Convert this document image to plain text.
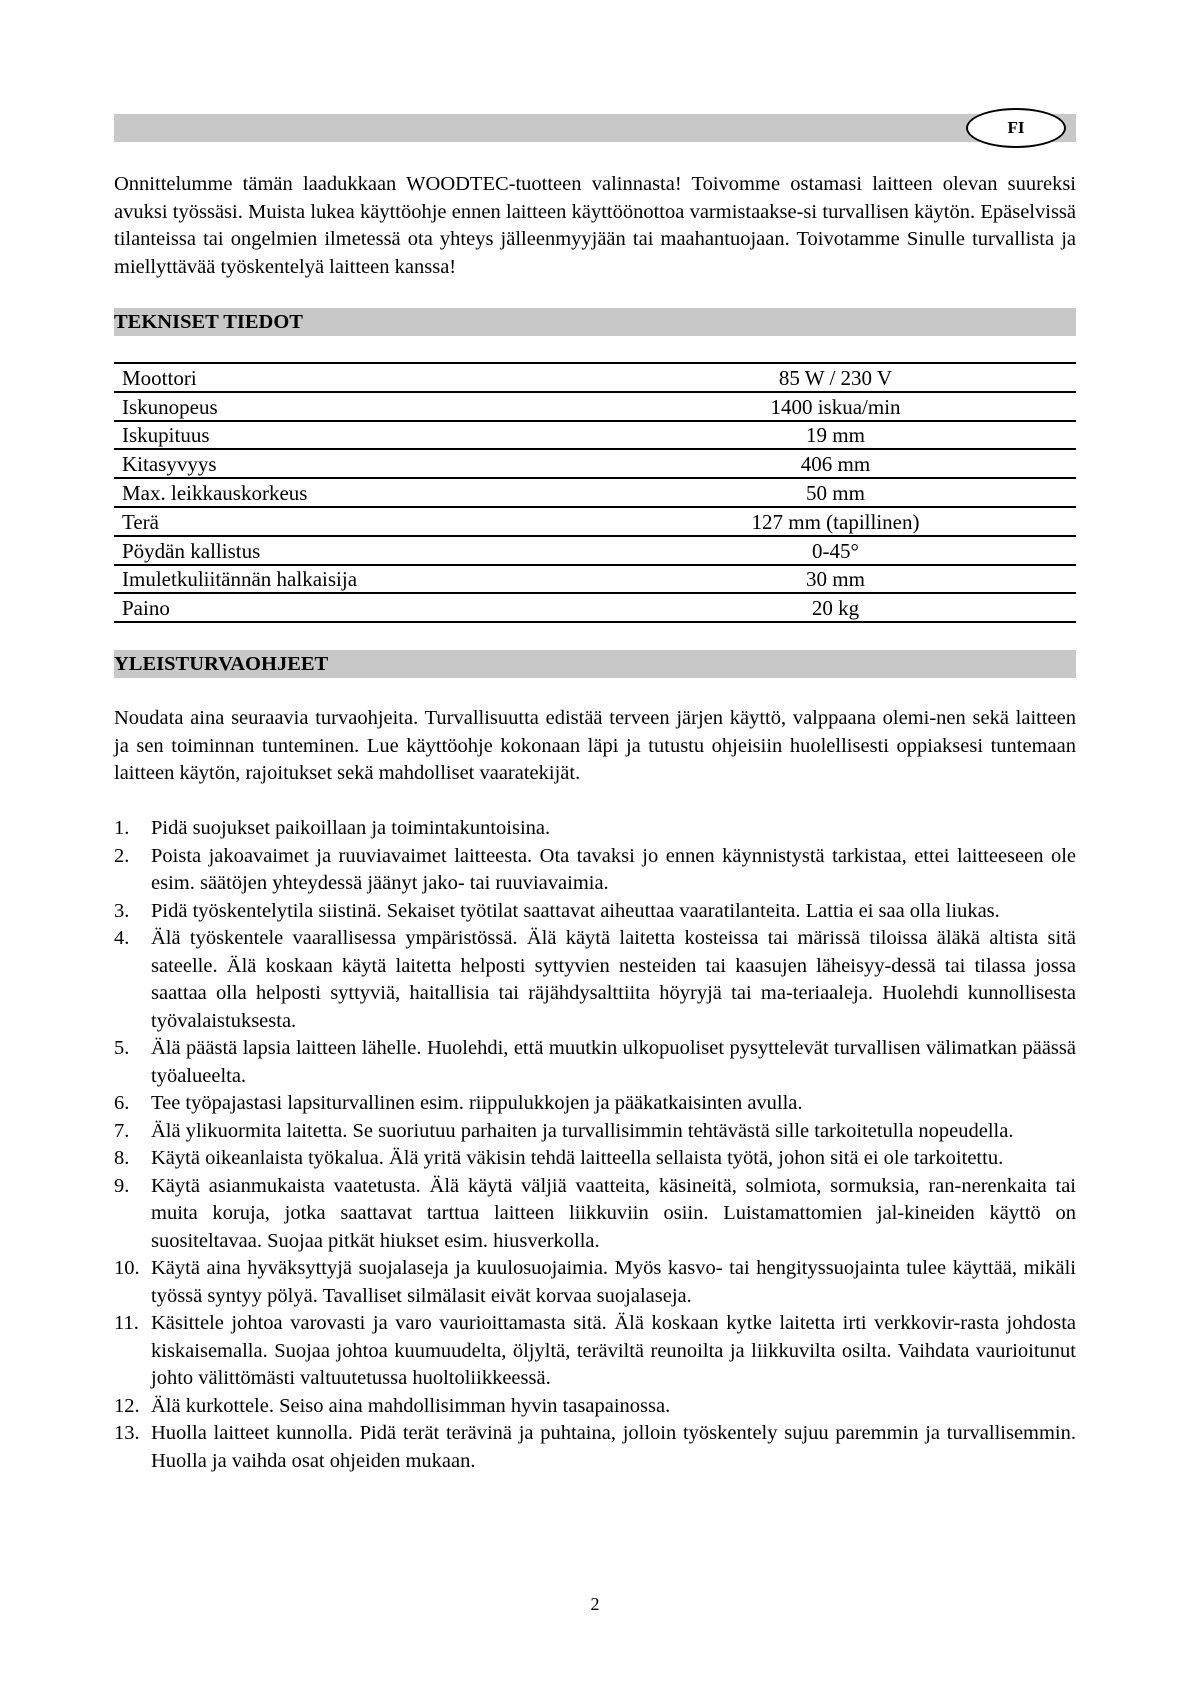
FI

Onnittelumme tämän laadukkaan WOODTEC-tuotteen valinnasta! Toivomme ostamasi laitteen olevan suureksi avuksi työssäsi. Muista lukea käyttöohje ennen laitteen käyttöönottoa varmistaakse-si turvallisen käytön. Epäselvissä tilanteissa tai ongelmien ilmetessä ota yhteys jälleenmyyjään tai maahantuojaan. Toivotamme Sinulle turvallista ja miellyttävää työskentelyä laitteen kanssa!

TEKNISET TIEDOT
Moottori	85 W / 230 V
Iskunopeus	1400 iskua/min
Iskupituus	19 mm
Kitasyvyys	406 mm
Max. leikkauskorkeus	50 mm
Terä	127 mm (tapillinen)
Pöydän kallistus	0-45°
Imuletkuliitännän halkaisija	30 mm
Paino	20 kg
YLEISTURVAOHJEET

Noudata aina seuraavia turvaohjeita. Turvallisuutta edistää terveen järjen käyttö, valppaana olemi-nen sekä laitteen ja sen toiminnan tunteminen. Lue käyttöohje kokonaan läpi ja tutustu ohjeisiin huolellisesti oppiaksesi tuntemaan laitteen käytön, rajoitukset sekä mahdolliset vaaratekijät.

1. Pidä suojukset paikoillaan ja toimintakuntoisina.
2. Poista jakoavaimet ja ruuviavaimet laitteesta. Ota tavaksi jo ennen käynnistystä tarkistaa, ettei laitteeseen ole esim. säätöjen yhteydessä jäänyt jako- tai ruuviavaimia.
3. Pidä työskentelytila siistinä. Sekaiset työtilat saattavat aiheuttaa vaaratilanteita. Lattia ei saa olla liukas.
4. Älä työskentele vaarallisessa ympäristössä. Älä käytä laitetta kosteissa tai märissä tiloissa äläkä altista sitä sateelle. Älä koskaan käytä laitetta helposti syttyvien nesteiden tai kaasujen läheisyy-dessä tai tilassa jossa saattaa olla helposti syttyviä, haitallisia tai räjähdysalttiita höyryjä tai ma-teriaaleja. Huolehdi kunnollisesta työvalaistuksesta.
5. Älä päästä lapsia laitteen lähelle. Huolehdi, että muutkin ulkopuoliset pysyttelevät turvallisen välimatkan päässä työalueelta.
6. Tee työpajastasi lapsiturvallinen esim. riippulukkojen ja pääkatkaisinten avulla.
7. Älä ylikuormita laitetta. Se suoriutuu parhaiten ja turvallisimmin tehtävästä sille tarkoitetulla nopeudella.
8. Käytä oikeanlaista työkalua. Älä yritä väkisin tehdä laitteella sellaista työtä, johon sitä ei ole tarkoitettu.
9. Käytä asianmukaista vaatetusta. Älä käytä väljiä vaatteita, käsineitä, solmiota, sormuksia, ran-nerenkaita tai muita koruja, jotka saattavat tarttua laitteen liikkuviin osiin. Luistamattomien jal-kineiden käyttö on suositeltavaa. Suojaa pitkät hiukset esim. hiusverkolla.
10. Käytä aina hyväksyttyjä suojalaseja ja kuulosuojaimia. Myös kasvo- tai hengityssuojainta tulee käyttää, mikäli työssä syntyy pölyä. Tavalliset silmälasit eivät korvaa suojalaseja.
11. Käsittele johtoa varovasti ja varo vaurioittamasta sitä. Älä koskaan kytke laitetta irti verkkovir-rasta johdosta kiskaisemalla. Suojaa johtoa kuumuudelta, öljyltä, teräviltä reunoilta ja liikkuvilta osilta. Vaihdata vaurioitunut johto välittömästi valtuutetussa huoltoliikkeessä.
12. Älä kurkottele. Seiso aina mahdollisimman hyvin tasapainossa.
13. Huolla laitteet kunnolla. Pidä terät terävinä ja puhtaina, jolloin työskentely sujuu paremmin ja turvallisemmin. Huolla ja vaihda osat ohjeiden mukaan.
2
